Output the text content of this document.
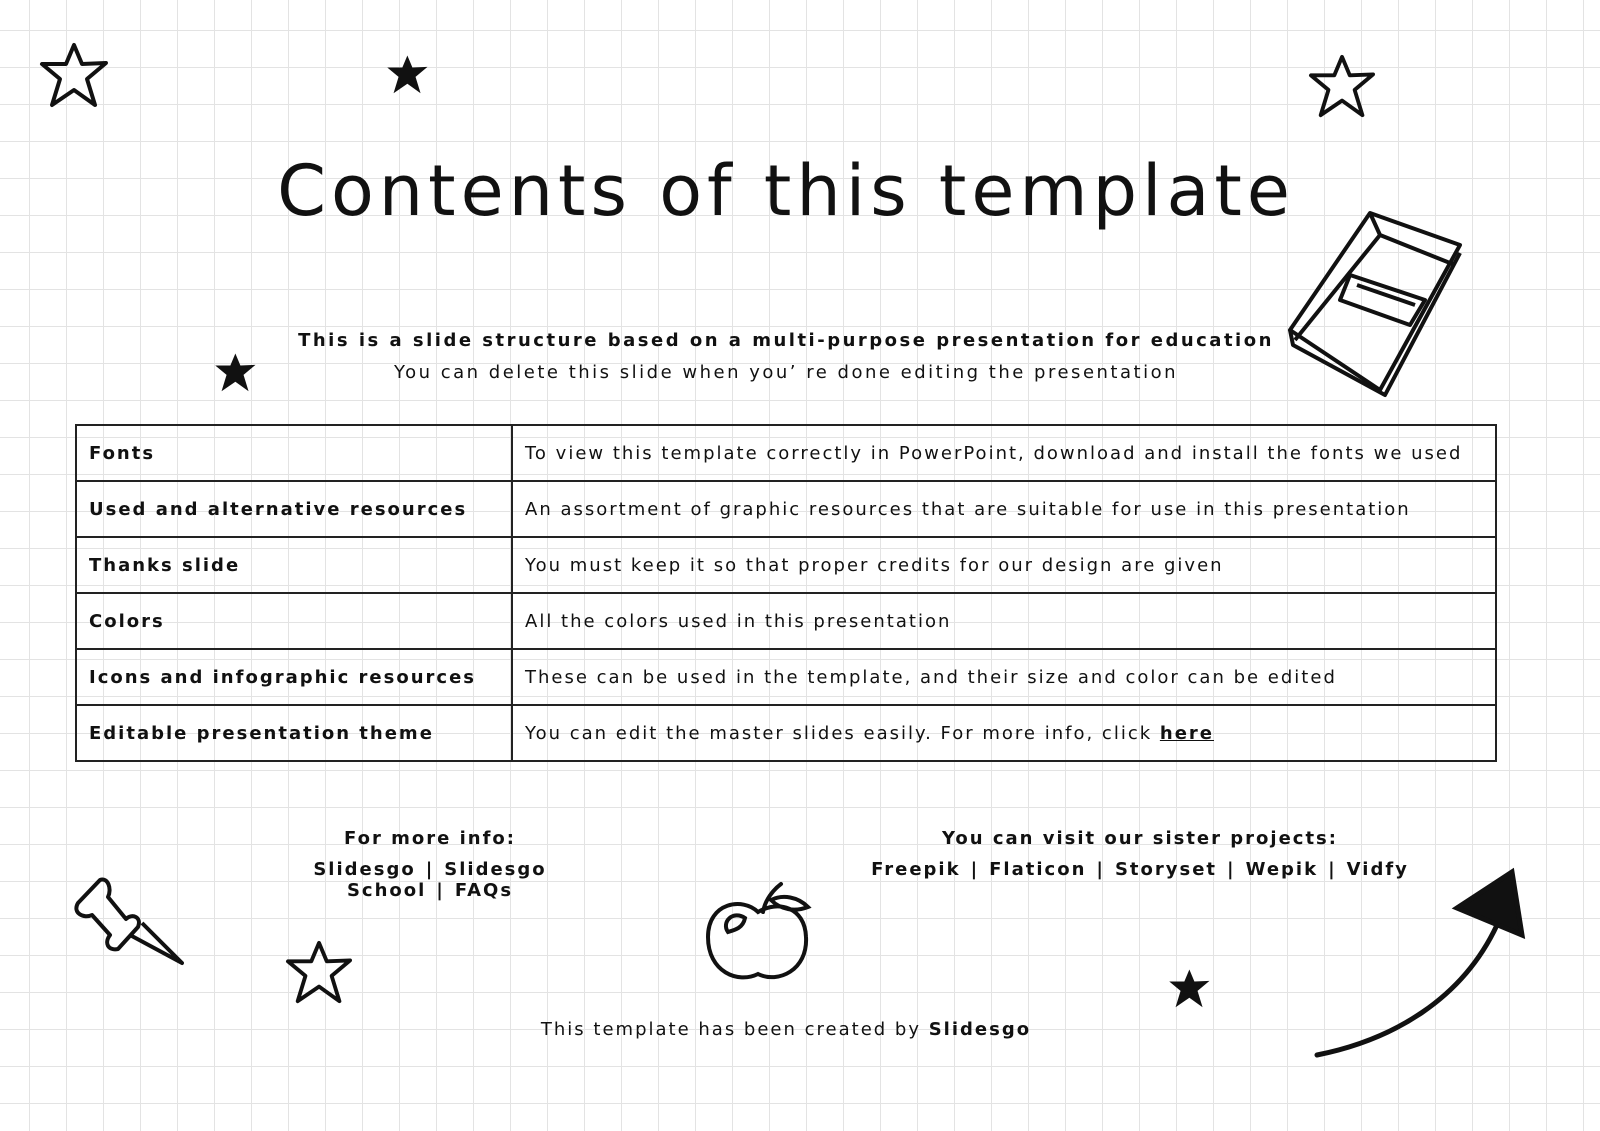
Contents of this template
This is a slide structure based on a multi-purpose presentation for education
You can delete this slide when you’ re done editing the presentation
Fonts	To view this template correctly in PowerPoint, download and install the fonts we used
Used and alternative resources	An assortment of graphic resources that are suitable for use in this presentation
Thanks slide	You must keep it so that proper credits for our design are given
Colors	All the colors used in this presentation
Icons and infographic resources	These can be used in the template, and their size and color can be edited
Editable presentation theme	You can edit the master slides easily. For more info, click here
For more info:
Slidesgo | Slidesgo School | FAQs
You can visit our sister projects:
Freepik | Flaticon | Storyset | Wepik | Vidfy
This template has been created by Slidesgo
